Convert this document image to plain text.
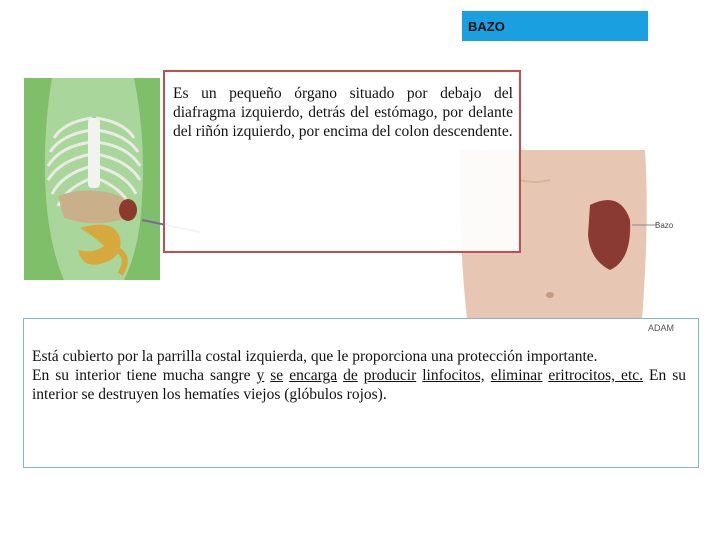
BAZO
Bazo

Es un pequeño órgano situado por debajo del diafragma izquierdo, detrás del estómago, por delante del riñón izquierdo, por encima del colon descendente.

Está cubierto por la parrilla costal izquierda, que le proporciona una protección importante.
En su interior tiene mucha sangre y se encarga de producir linfocitos, eliminar eritrocitos, etc. En su interior se destruyen los hematíes viejos (glóbulos rojos).

ADAM
